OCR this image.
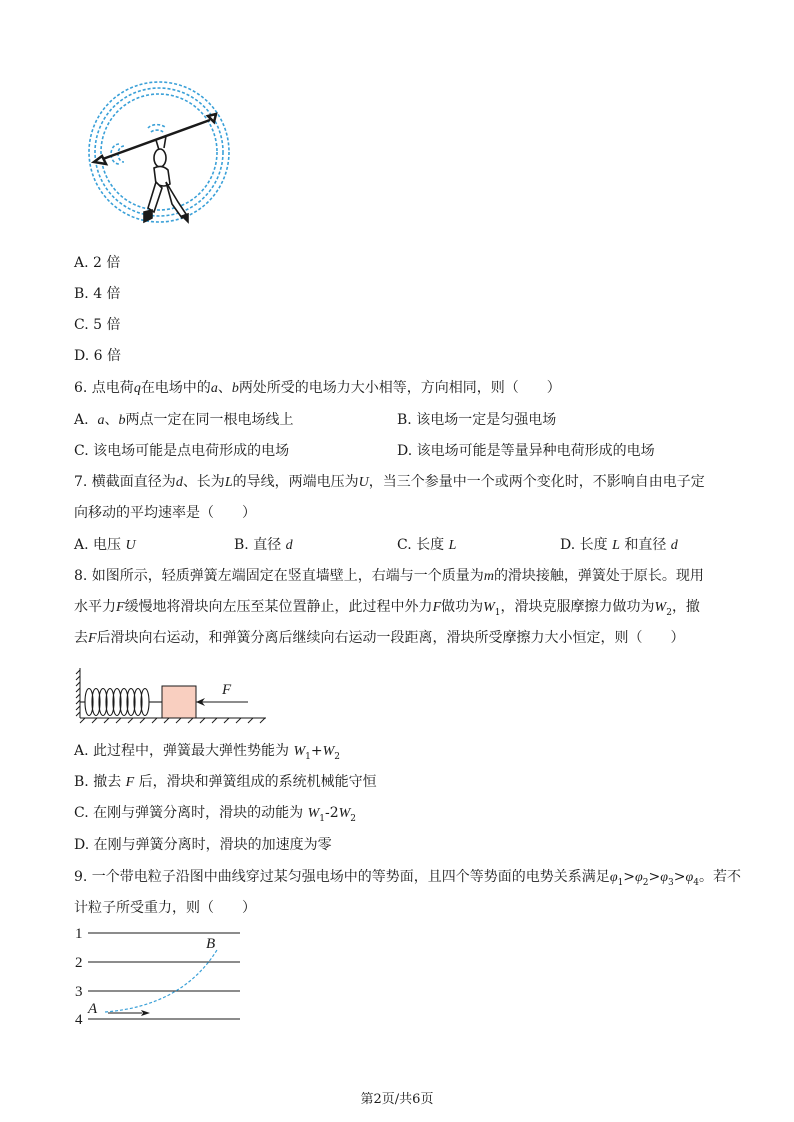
A. 2 倍
B. 4 倍
C. 5 倍
D. 6 倍
6. 点电荷q在电场中的a、b两处所受的电场力大小相等，方向相同，则（　　）
A. a、b两点一定在同一根电场线上	B. 该电场一定是匀强电场
C. 该电场可能是点电荷形成的电场	D. 该电场可能是等量异种电荷形成的电场
7. 横截面直径为d、长为L的导线，两端电压为U，当三个参量中一个或两个变化时，不影响自由电子定
向移动的平均速率是（　　）
A. 电压 U	B. 直径 d	C. 长度 L	D. 长度 L 和直径 d
8. 如图所示，轻质弹簧左端固定在竖直墙壁上，右端与一个质量为m的滑块接触，弹簧处于原长。现用
水平力F缓慢地将滑块向左压至某位置静止，此过程中外力F做功为$W_1$，滑块克服摩擦力做功为$W_2$，撤
去F后滑块向右运动，和弹簧分离后继续向右运动一段距离，滑块所受摩擦力大小恒定，则（　　）
F
A. 此过程中，弹簧最大弹性势能为 $W_1+W_2$
B. 撤去 F 后，滑块和弹簧组成的系统机械能守恒
C. 在刚与弹簧分离时，滑块的动能为 $W_1-2W_2$
D. 在刚与弹簧分离时，滑块的加速度为零
9. 一个带电粒子沿图中曲线穿过某匀强电场中的等势面，且四个等势面的电势关系满足$\varphi_1>\varphi_2>\varphi_3>\varphi_4$。若不
计粒子所受重力，则（　　）
1
2
3
4
A
B
第2页/共6页
